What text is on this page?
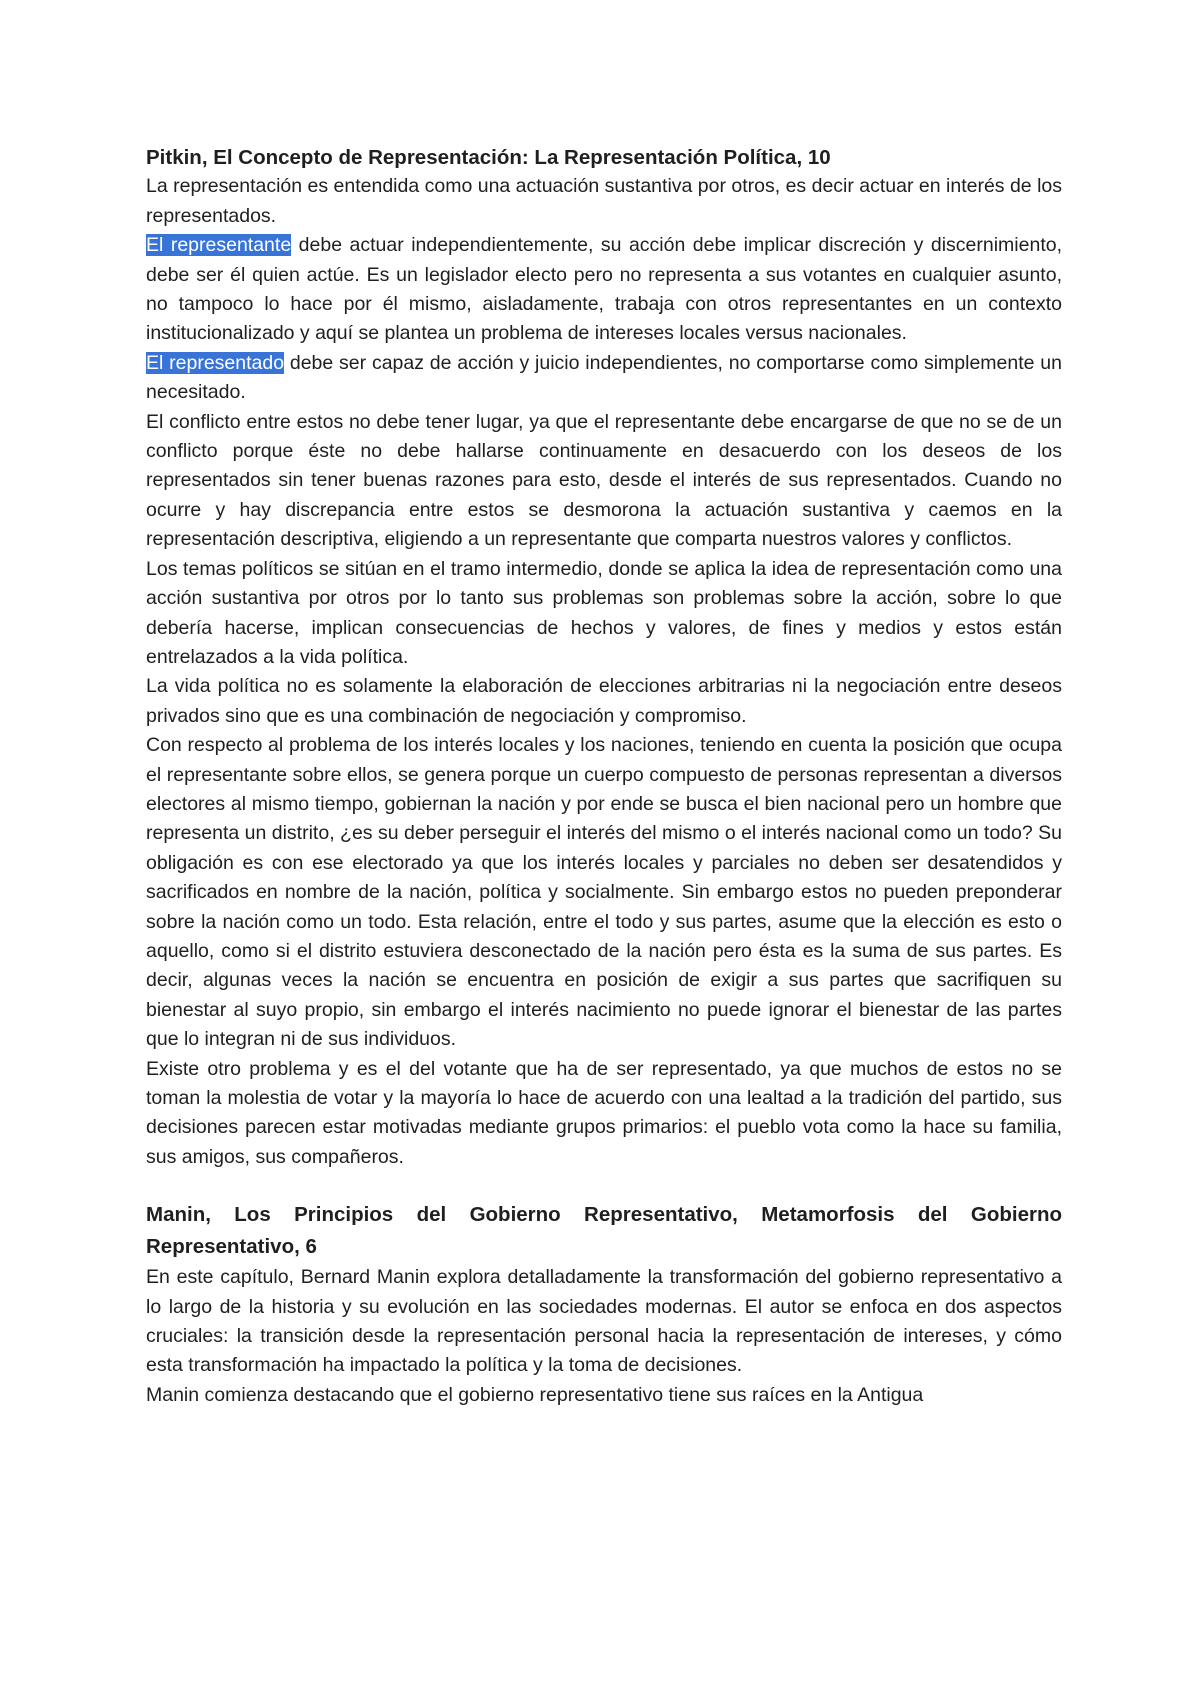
Pitkin, El Concepto de Representación: La Representación Política, 10

La representación es entendida como una actuación sustantiva por otros, es decir actuar en interés de los representados.

El representante debe actuar independientemente, su acción debe implicar discreción y discernimiento, debe ser él quien actúe. Es un legislador electo pero no representa a sus votantes en cualquier asunto, no tampoco lo hace por él mismo, aisladamente, trabaja con otros representantes en un contexto institucionalizado y aquí se plantea un problema de intereses locales versus nacionales.

El representado debe ser capaz de acción y juicio independientes, no comportarse como simplemente un necesitado.

El conflicto entre estos no debe tener lugar, ya que el representante debe encargarse de que no se de un conflicto porque éste no debe hallarse continuamente en desacuerdo con los deseos de los representados sin tener buenas razones para esto, desde el interés de sus representados. Cuando no ocurre y hay discrepancia entre estos se desmorona la actuación sustantiva y caemos en la representación descriptiva, eligiendo a un representante que comparta nuestros valores y conflictos.

Los temas políticos se sitúan en el tramo intermedio, donde se aplica la idea de representación como una acción sustantiva por otros por lo tanto sus problemas son problemas sobre la acción, sobre lo que debería hacerse, implican consecuencias de hechos y valores, de fines y medios y estos están entrelazados a la vida política.

La vida política no es solamente la elaboración de elecciones arbitrarias ni la negociación entre deseos privados sino que es una combinación de negociación y compromiso.

Con respecto al problema de los interés locales y los naciones, teniendo en cuenta la posición que ocupa el representante sobre ellos, se genera porque un cuerpo compuesto de personas representan a diversos electores al mismo tiempo, gobiernan la nación y por ende se busca el bien nacional pero un hombre que representa un distrito, ¿es su deber perseguir el interés del mismo o el interés nacional como un todo? Su obligación es con ese electorado ya que los interés locales y parciales no deben ser desatendidos y sacrificados en nombre de la nación, política y socialmente. Sin embargo estos no pueden preponderar sobre la nación como un todo. Esta relación, entre el todo y sus partes, asume que la elección es esto o aquello, como si el distrito estuviera desconectado de la nación pero ésta es la suma de sus partes. Es decir, algunas veces la nación se encuentra en posición de exigir a sus partes que sacrifiquen su bienestar al suyo propio, sin embargo el interés nacimiento no puede ignorar el bienestar de las partes que lo integran ni de sus individuos.

Existe otro problema y es el del votante que ha de ser representado, ya que muchos de estos no se toman la molestia de votar y la mayoría lo hace de acuerdo con una lealtad a la tradición del partido, sus decisiones parecen estar motivadas mediante grupos primarios: el pueblo vota como la hace su familia, sus amigos, sus compañeros.

Manin, Los Principios del Gobierno Representativo, Metamorfosis del Gobierno Representativo, 6

En este capítulo, Bernard Manin explora detalladamente la transformación del gobierno representativo a lo largo de la historia y su evolución en las sociedades modernas. El autor se enfoca en dos aspectos cruciales: la transición desde la representación personal hacia la representación de intereses, y cómo esta transformación ha impactado la política y la toma de decisiones.

Manin comienza destacando que el gobierno representativo tiene sus raíces en la Antigua
